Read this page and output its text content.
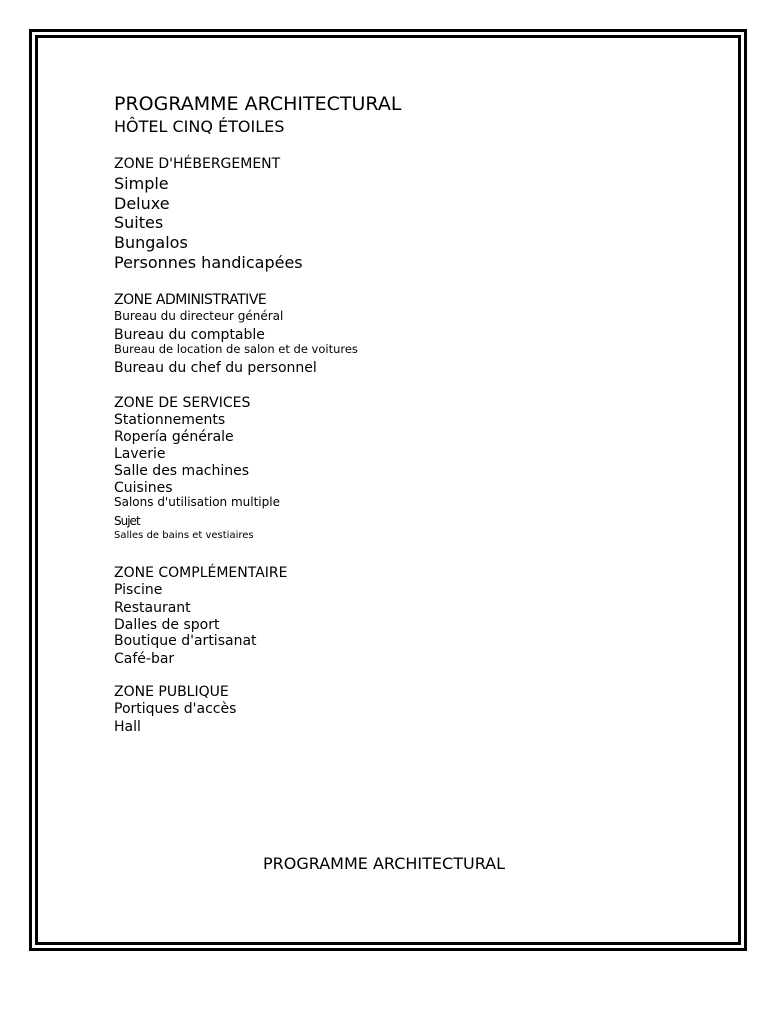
PROGRAMME ARCHITECTURAL

HÔTEL CINQ ÉTOILES

ZONE D'HÉBERGEMENT

Simple

Deluxe

Suites

Bungalos

Personnes handicapées

ZONE ADMINISTRATIVE

Bureau du directeur général

Bureau du comptable

Bureau de location de salon et de voitures

Bureau du chef du personnel

ZONE DE SERVICES

Stationnements

Ropería générale

Laverie

Salle des machines

Cuisines

Salons d'utilisation multiple

Sujet

Salles de bains et vestiaires

ZONE COMPLÉMENTAIRE

Piscine

Restaurant

Dalles de sport

Boutique d'artisanat

Café-bar

ZONE PUBLIQUE

Portiques d'accès

Hall

PROGRAMME ARCHITECTURAL
